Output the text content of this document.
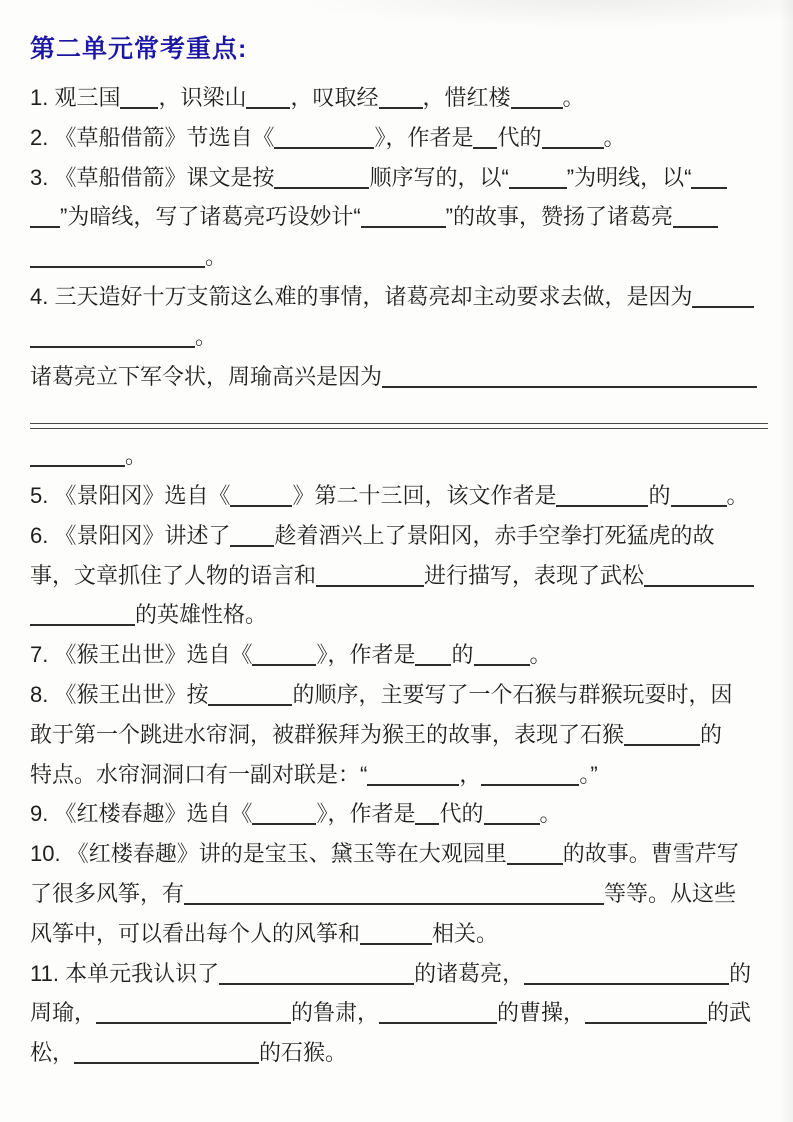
第二单元常考重点:
1. 观三国 ，识梁山 ，叹取经 ，惜红楼 。
2. 《草船借箭》节选自《	》，作者是 代的	。
3. 《草船借箭》课文是按	顺序写的，以“	”为明线，以“
”为暗线，写了诸葛亮巧设妙计“	”的故事，赞扬了诸葛亮
。
4. 三天造好十万支箭这么难的事情，诸葛亮却主动要求去做，是因为
。
诸葛亮立下军令状，周瑜高兴是因为
。
5. 《景阳冈》选自《	》第二十三回，该文作者是	的	。
6. 《景阳冈》讲述了 趁着酒兴上了景阳冈，赤手空拳打死猛虎的故
事，文章抓住了人物的语言和	进行描写，表现了武松
的英雄性格。
7. 《猴王出世》选自《	》，作者是 的	。
8. 《猴王出世》按	的顺序，主要写了一个石猴与群猴玩耍时，因
敢于第一个跳进水帘洞，被群猴拜为猴王的故事，表现了石猴	的
特点。水帘洞洞口有一副对联是：“	，	。”
9. 《红楼春趣》选自《	》，作者是 代的	。
10. 《红楼春趣》讲的是宝玉、黛玉等在大观园里	的故事。曹雪芹写
了很多风筝，有	等等。从这些
风筝中，可以看出每个人的风筝和	相关。
11. 本单元我认识了	的诸葛亮，	的
周瑜，	的鲁肃，	的曹操，	的武
松，	的石猴。
